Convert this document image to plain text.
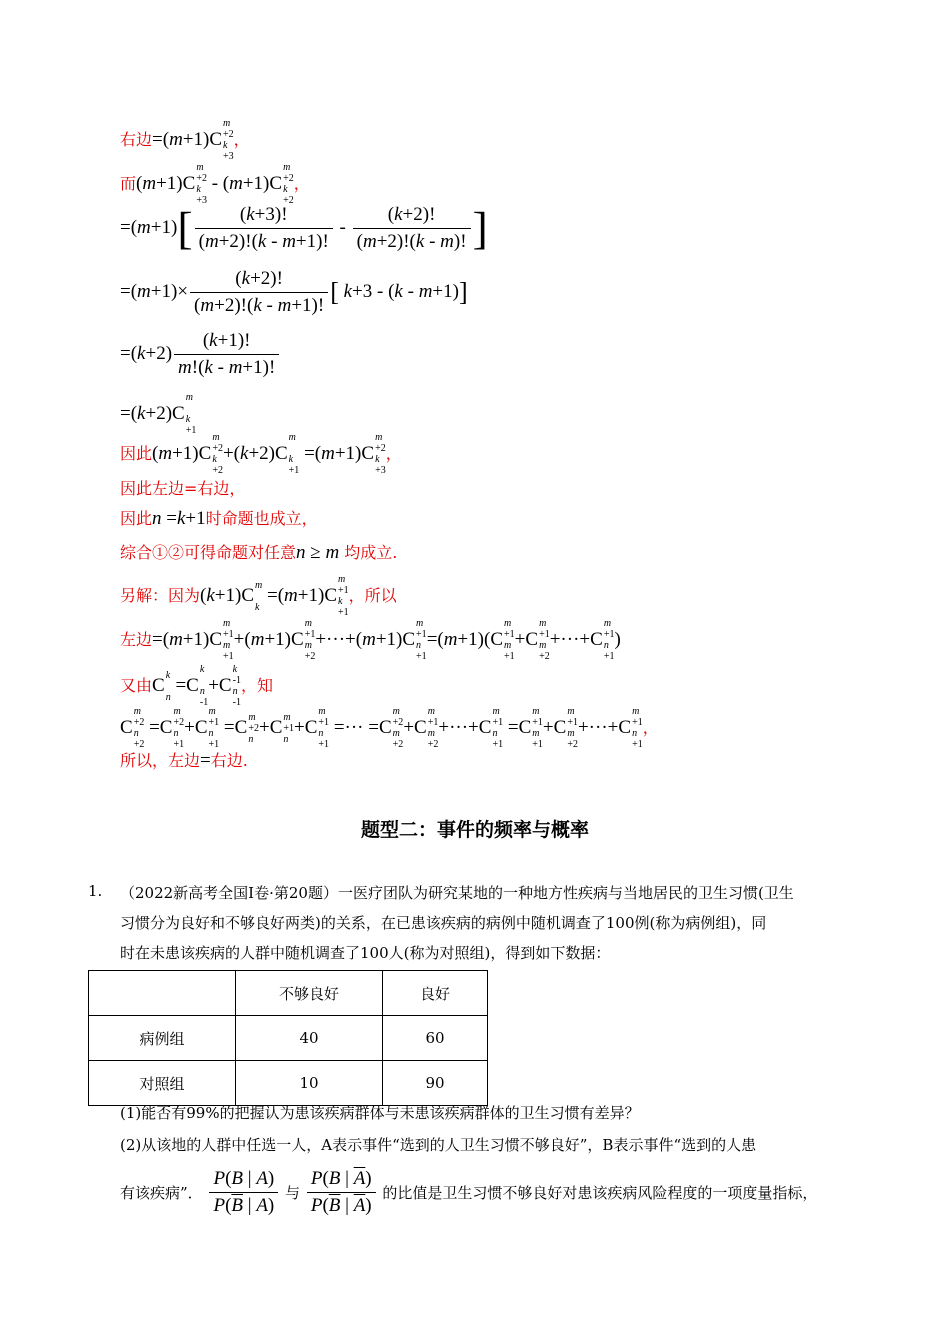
右边=(m+1) C
m
+2

k
+3
，
而(m+1) C
m
+2

k
+3
- (m+1) C
m
+2

k
+2
，
$=(m+1)[ \frac{(k+3)!}{(m+2)!(k - m+1)!} - \frac{(k+2)!}{(m+2)!(k - m)!}$ ]
$=(m+1)\times \frac{(k+2)!}{(m+2)!(k - m+1)!}$ [ k+3 - (k - m+1)]
$=(k+2) \frac{(k+1)!}{m!(k - m+1)!}$
=(k+2) C
m

k
+1
因此(m+1) C
m
+2

k
+2
+(k+2) C
m

k
+1
=(m+1) C
m
+2

k
+3
，
因此左边=右边，
因此n =k+1时命题也成立，
综合①②可得命题对任意n ≥ m 均成立.
另解：因为(k+1) C m

k
=(m+1) C
m
+1

k
+1
，所以
左边=(m+1) C
m
+1

m
+1
+(m+1) C
m
+1

m
+2
+···+(m+1) C
m
+1

n
+1
=(m+1)( C
m
+1

m
+1
+ C
m
+1

m
+2
+···+ C
m
+1

n
+1
)
又由 C k

n
= C
k

n
-1
+ C
k
-1

n
-1
，知
C
m
+2

n
+2
= C
m
+2

n
+1
+ C
m
+1

n
+1
= C m
+2

n
+ C m
+1

n
+ C
m
+1

n
+1
=··· = C
m
+2

m
+2
+ C
m
+1

m
+2
+···+ C
m
+1

n
+1
= C
m
+1

m
+1
+ C
m
+1

m
+2
+···+ C
m
+1

n
+1
，
所以，左边=右边.
题型二：事件的频率与概率
1. （2022新高考全国Ⅰ卷·第20题）一医疗团队为研究某地的一种地方性疾病与当地居民的卫生习惯(卫生
习惯分为良好和不够良好两类)的关系，在已患该疾病的病例中随机调查了100例(称为病例组)，同
时在未患该疾病的人群中随机调查了100人(称为对照组)，得到如下数据：
	不够良好	良好
病例组	40	60
对照组	10	90
(1)能否有99%的把握认为患该疾病群体与未患该疾病群体的卫生习惯有差异？
(2)从该地的人群中任选一人，A表示事件“选到的人卫生习惯不够良好”，B表示事件“选到的人患
有该疾病”． $\frac{P(B | A)}{P(\overline{B} | A)}$ 与 $\frac{P(B | \overline{A})}{P(\overline{B} | \overline{A})}$ 的比值是卫生习惯不够良好对患该疾病风险程度的一项度量指标，
